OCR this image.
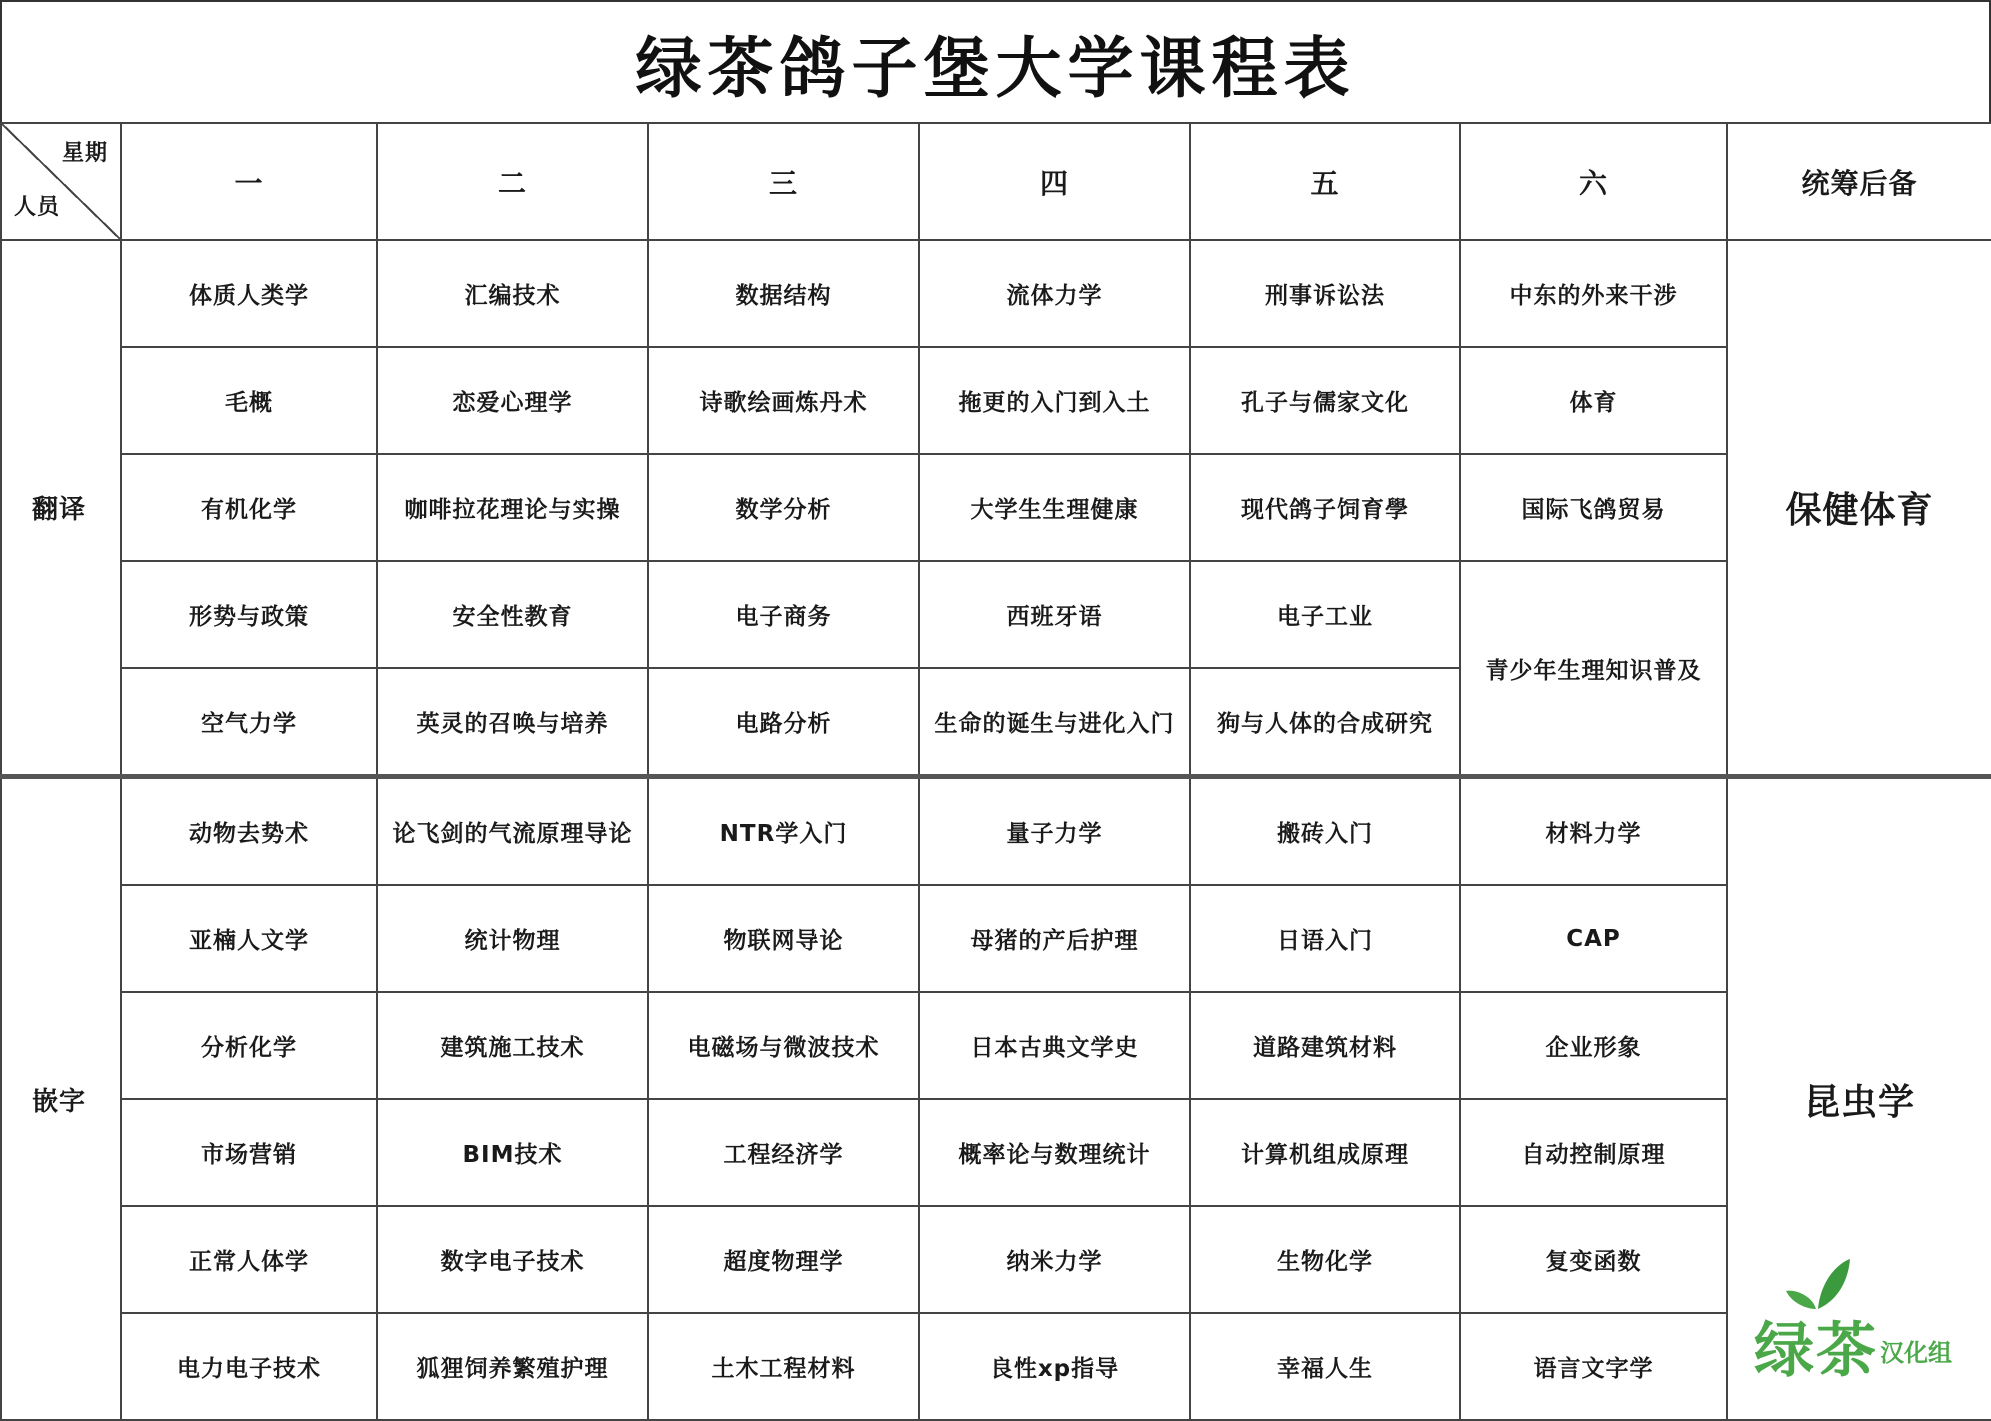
绿茶鸽子堡大学课程表
星期
人员	一	二	三	四	五	六	统筹后备
翻译	体质人类学	汇编技术	数据结构	流体力学	刑事诉讼法	中东的外来干涉	保健体育
	毛概	恋爱心理学	诗歌绘画炼丹术	拖更的入门到入土	孔子与儒家文化	体育	
	有机化学	咖啡拉花理论与实操	数学分析	大学生生理健康	现代鸽子饲育學	国际飞鸽贸易	
	形势与政策	安全性教育	电子商务	西班牙语	电子工业	青少年生理知识普及	
	空气力学	英灵的召唤与培养	电路分析	生命的诞生与进化入门	狗与人体的合成研究		
嵌字	动物去势术	论飞剑的气流原理导论	NTR学入门	量子力学	搬砖入门	材料力学	昆虫学
	亚楠人文学	统计物理	物联网导论	母猪的产后护理	日语入门	CAP	
	分析化学	建筑施工技术	电磁场与微波技术	日本古典文学史	道路建筑材料	企业形象	
	市场营销	BIM技术	工程经济学	概率论与数理统计	计算机组成原理	自动控制原理	
	正常人体学	数字电子技术	超度物理学	纳米力学	生物化学	复变函数	
	电力电子技术	狐狸饲养繁殖护理	土木工程材料	良性xp指导	幸福人生	语言文字学	绿茶 汉化组
